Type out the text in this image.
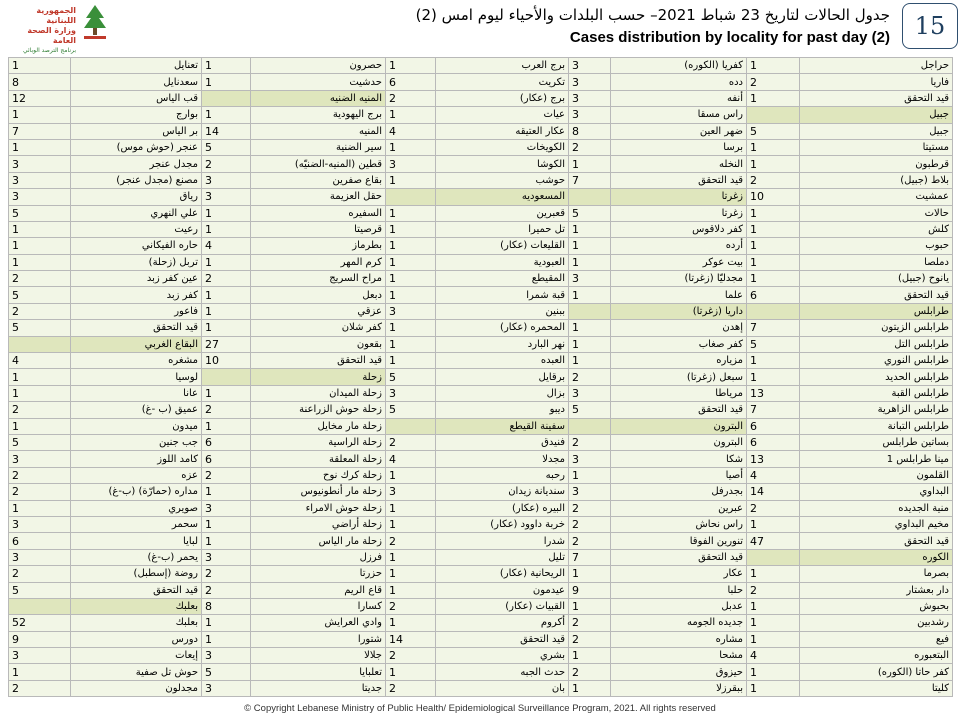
الجمهورية اللبنانية
وزارة الصحة العامة
برنامج الترصد الوبائي
جدول الحالات لتاريخ 23 شباط 2021– حسب البلدات والأحياء ليوم امس (2)
Cases distribution by locality for past day (2)	15
1	تعنايل	1	حصرون	1	برج العرب	3	كفريا (الكوره)	1	حراجل
8	سعدنايل	1	حدشيت	6	تكريت	3	دده	2	فاريا
12	قب الياس		المنيه الضنيه	2	برج (عكار)	3	أنفه	1	قيد التحقق
1	بوارج	1	برج اليهودية	1	عيات	3	راس مسقا		جبيل
7	بر الياس	14	المنيه	4	عكار العتيقه	8	ضهر العين	5	جبيل
1	عنجر (حوش موس)	5	سير الضنية	1	الكويخات	2	برسا	1	مستيتا
3	مجدل عنجر	2	قطين (المنيه-الضنيّه)	3	الكوشا	1	النخله	1	قرطبون
3	مصنع (مجدل عنجر)	3	بقاع صفرين	1	حوشب	7	قيد التحقق	2	بلاط (جبيل)
3	رياق	3	حقل العزيمة		المسعوديه		زغرتا	10	عمشيت
5	علي النهري	1	السفيره	1	قعبرين	5	زغرتا	1	حالات
1	رعيت	1	قرصيتا	1	تل حميرا	1	كفر دلاقوس	1	كلش
1	حاره الفيكاني	4	بطرماز	1	القليعات (عكار)	1	أرده	1	حبوب
1	تربل (زحلة)	1	كرم المهر	1	العبودية	1	بيت عوكر	1	دملصا
2	عين كفر زبد	2	مراح السريج	1	المقيطع	3	مجدليّا (زغرتا)	1	يانوح (جبيل)
5	كفر زبد	1	دبعل	1	قبة شمرا	1	علما	6	قيد التحقق
2	فاعور	1	عزقي	3	ببنين		داريا (زغرتا)		طرابلس
5	قيد التحقق	1	كفر شلان	1	المحمره (عكار)	1	إهدن	7	طرابلس الزيتون
	البقاع الغربي	27	بقعون	1	نهر البارد	1	كفر صغاب	5	طرابلس التل
4	مشغره	10	قيد التحقق	1	العبده	1	مزياره	1	طرابلس النوري
1	لوسيا		زحلة	5	برقايل	2	سبعل (زغرتا)	1	طرابلس الحديد
1	عانا	1	زحلة الميدان	3	بزال	3	مرياطا	13	طرابلس القبة
2	عميق (ب -غ)	2	زحلة حوش الزراعنة	5	ديبو	5	قيد التحقق	7	طرابلس الزاهرية
1	ميدون	1	زحلة مار مخايل		سفينة القيطع		البترون	6	طرابلس التبانة
5	جب جنين	6	زحلة الراسية	2	فنيدق	2	البترون	6	بساتين طرابلس
3	كامد اللوز	6	زحلة المعلقة	4	مجدلا	3	شكا	13	مينا طرابلس 1
2	عزه	2	زحلة كرك نوح	1	رحبه	1	أصيا	4	القلمون
2	مداره (حمارّة) (ب-غ)	1	زحلة مار أنطونيوس	3	سنديانة زيدان	3	بجدرفل	14	البداوي
1	صويري	3	زحلة حوش الامراء	1	البيره (عكار)	2	عبرين	2	منية الجديده
3	سحمر	1	زحلة أراضي	1	خربة داوود (عكار)	2	راس نحاش	1	مخيم البداوي
6	لبايا	1	زحلة مار الياس	2	شدرا	2	تنورين الفوقا	47	قيد التحقق
3	يحمر (ب-غ)	3	فرزل	1	تليل	7	قيد التحقق		الكوره
2	روضة (إسطبل)	2	حزرتا	1	الريحانية (عكار)	1	عكار	1	بصرما
5	قيد التحقق	2	قاع الريم	1	عيدمون	9	حلبا	2	دار بعشتار
	بعلبك	8	كسارا	2	القبيات (عكار)	1	عدبل	1	بحبوش
52	بعلبك	1	وادي العرايش	1	أكروم	2	جديده الجومه	1	رشدبين
9	دورس	1	شتورا	14	قيد التحقق	2	مشاره	1	فيع
3	إيعات	3	جلالا	2	بشري	1	مشحا	4	البتعبوره
1	حوش تل صفية	5	تعلبايا	1	حدث الجبه	2	حيزوق	1	كفر حاتا (الكوره)
2	مجدلون	3	جديتا	2	بان	1	ببقرزلا	1	كليتا
© Copyright Lebanese Ministry of Public Health/ Epidemiological Surveillance Program, 2021. All rights reserved
